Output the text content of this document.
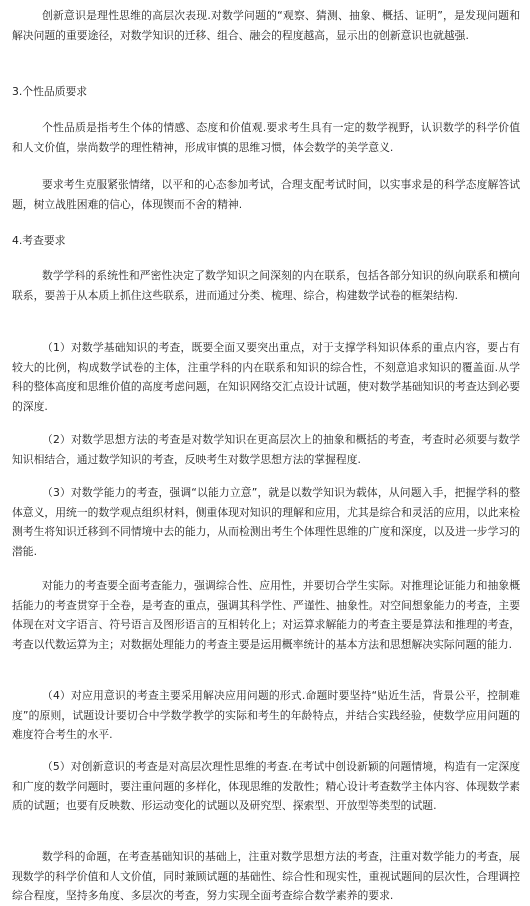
创新意识是理性思维的高层次表现.对数学问题的“观察、猜测、抽象、概括、证明”，是发现问题和解决问题的重要途径，对数学知识的迁移、组合、融会的程度越高，显示出的创新意识也就越强.

3.个性品质要求

个性品质是指考生个体的情感、态度和价值观.要求考生具有一定的数学视野，认识数学的科学价值和人文价值，崇尚数学的理性精神，形成审慎的思维习惯，体会数学的美学意义.

要求考生克服紧张情绪，以平和的心态参加考试，合理支配考试时间，以实事求是的科学态度解答试题，树立战胜困难的信心，体现锲而不舍的精神.

4.考查要求

数学学科的系统性和严密性决定了数学知识之间深刻的内在联系，包括各部分知识的纵向联系和横向联系，要善于从本质上抓住这些联系，进而通过分类、梳理、综合，构建数学试卷的框架结构.

（1）对数学基础知识的考查，既要全面又要突出重点，对于支撑学科知识体系的重点内容，要占有较大的比例，构成数学试卷的主体，注重学科的内在联系和知识的综合性，不刻意追求知识的覆盖面.从学科的整体高度和思维价值的高度考虑问题，在知识网络交汇点设计试题，使对数学基础知识的考查达到必要的深度.

（2）对数学思想方法的考查是对数学知识在更高层次上的抽象和概括的考查，考查时必须要与数学知识相结合，通过数学知识的考查，反映考生对数学思想方法的掌握程度.

（3）对数学能力的考查，强调“以能力立意”，就是以数学知识为载体，从问题入手，把握学科的整体意义，用统一的数学观点组织材料，侧重体现对知识的理解和应用，尤其是综合和灵活的应用，以此来检测考生将知识迁移到不同情境中去的能力，从而检测出考生个体理性思维的广度和深度，以及进一步学习的潜能.

对能力的考查要全面考查能力，强调综合性、应用性，并要切合学生实际。对推理论证能力和抽象概括能力的考查贯穿于全卷，是考查的重点，强调其科学性、严谨性、抽象性。对空间想象能力的考查，主要体现在对文字语言、符号语言及图形语言的互相转化上；对运算求解能力的考查主要是算法和推理的考查，考查以代数运算为主；对数据处理能力的考查主要是运用概率统计的基本方法和思想解决实际问题的能力.

（4）对应用意识的考查主要采用解决应用问题的形式.命题时要坚持“贴近生活，背景公平，控制难度”的原则，试题设计要切合中学数学教学的实际和考生的年龄特点，并结合实践经验，使数学应用问题的难度符合考生的水平.

（5）对创新意识的考查是对高层次理性思维的考查.在考试中创设新颖的问题情境，构造有一定深度和广度的数学问题时，要注重问题的多样化，体现思维的发散性；精心设计考查数学主体内容、体现数学素质的试题；也要有反映数、形运动变化的试题以及研究型、探索型、开放型等类型的试题.

数学科的命题，在考查基础知识的基础上，注重对数学思想方法的考查，注重对数学能力的考查，展现数学的科学价值和人文价值，同时兼顾试题的基础性、综合性和现实性，重视试题间的层次性，合理调控综合程度，坚持多角度、多层次的考查，努力实现全面考查综合数学素养的要求.
